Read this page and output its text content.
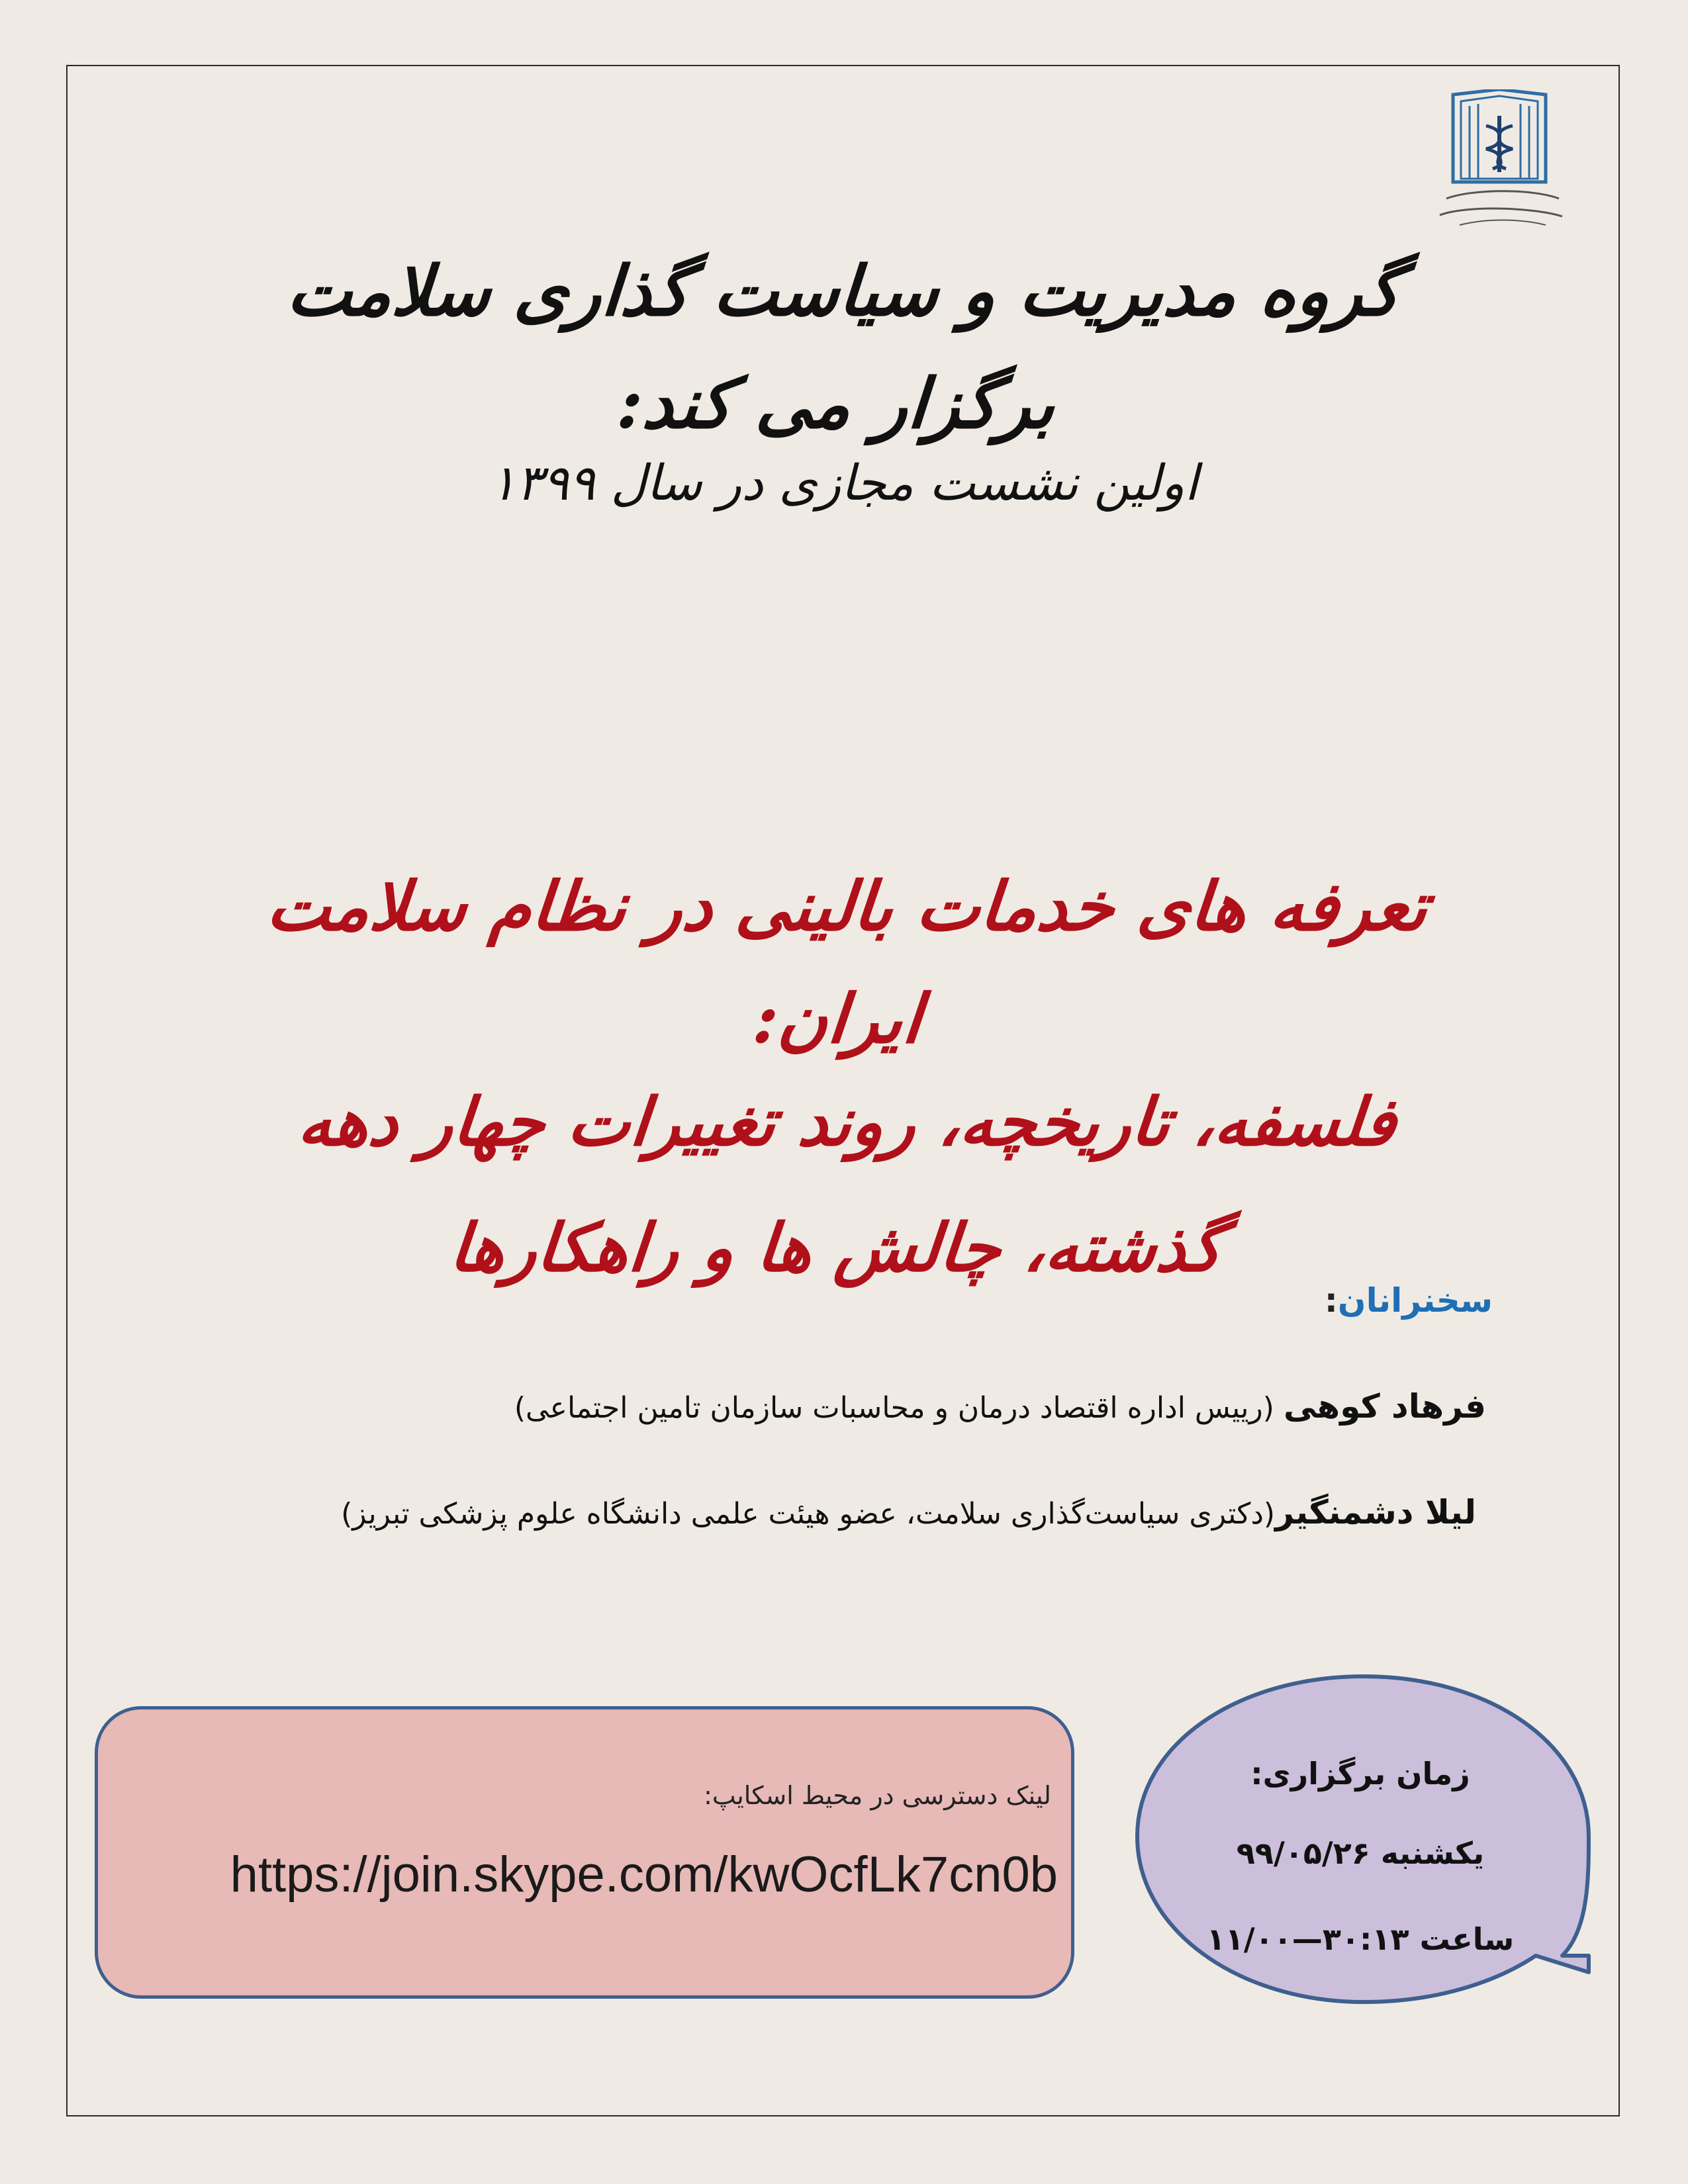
گروه مدیریت و سیاست گذاری سلامت برگزار می کند:
اولین نشست مجازی در سال ۱۳۹۹
تعرفه های خدمات بالینی در نظام سلامت ایران:
فلسفه، تاریخچه، روند تغییرات چهار دهه گذشته، چالش ها و راهکارها
سخنرانان:
فرهاد کوهی (رییس اداره اقتصاد درمان و محاسبات سازمان تامین اجتماعی)
لیلا دشمنگیر(دکتری سیاست‌گذاری سلامت، عضو هیئت علمی دانشگاه علوم پزشکی تبریز)
لینک دسترسی در محیط اسکایپ:
https://join.skype.com/kwOcfLk7cn0b
زمان برگزاری:
یکشنبه ۹۹/۰۵/۲۶
ساعت ۳۰:۱۳—۱۱/۰۰
